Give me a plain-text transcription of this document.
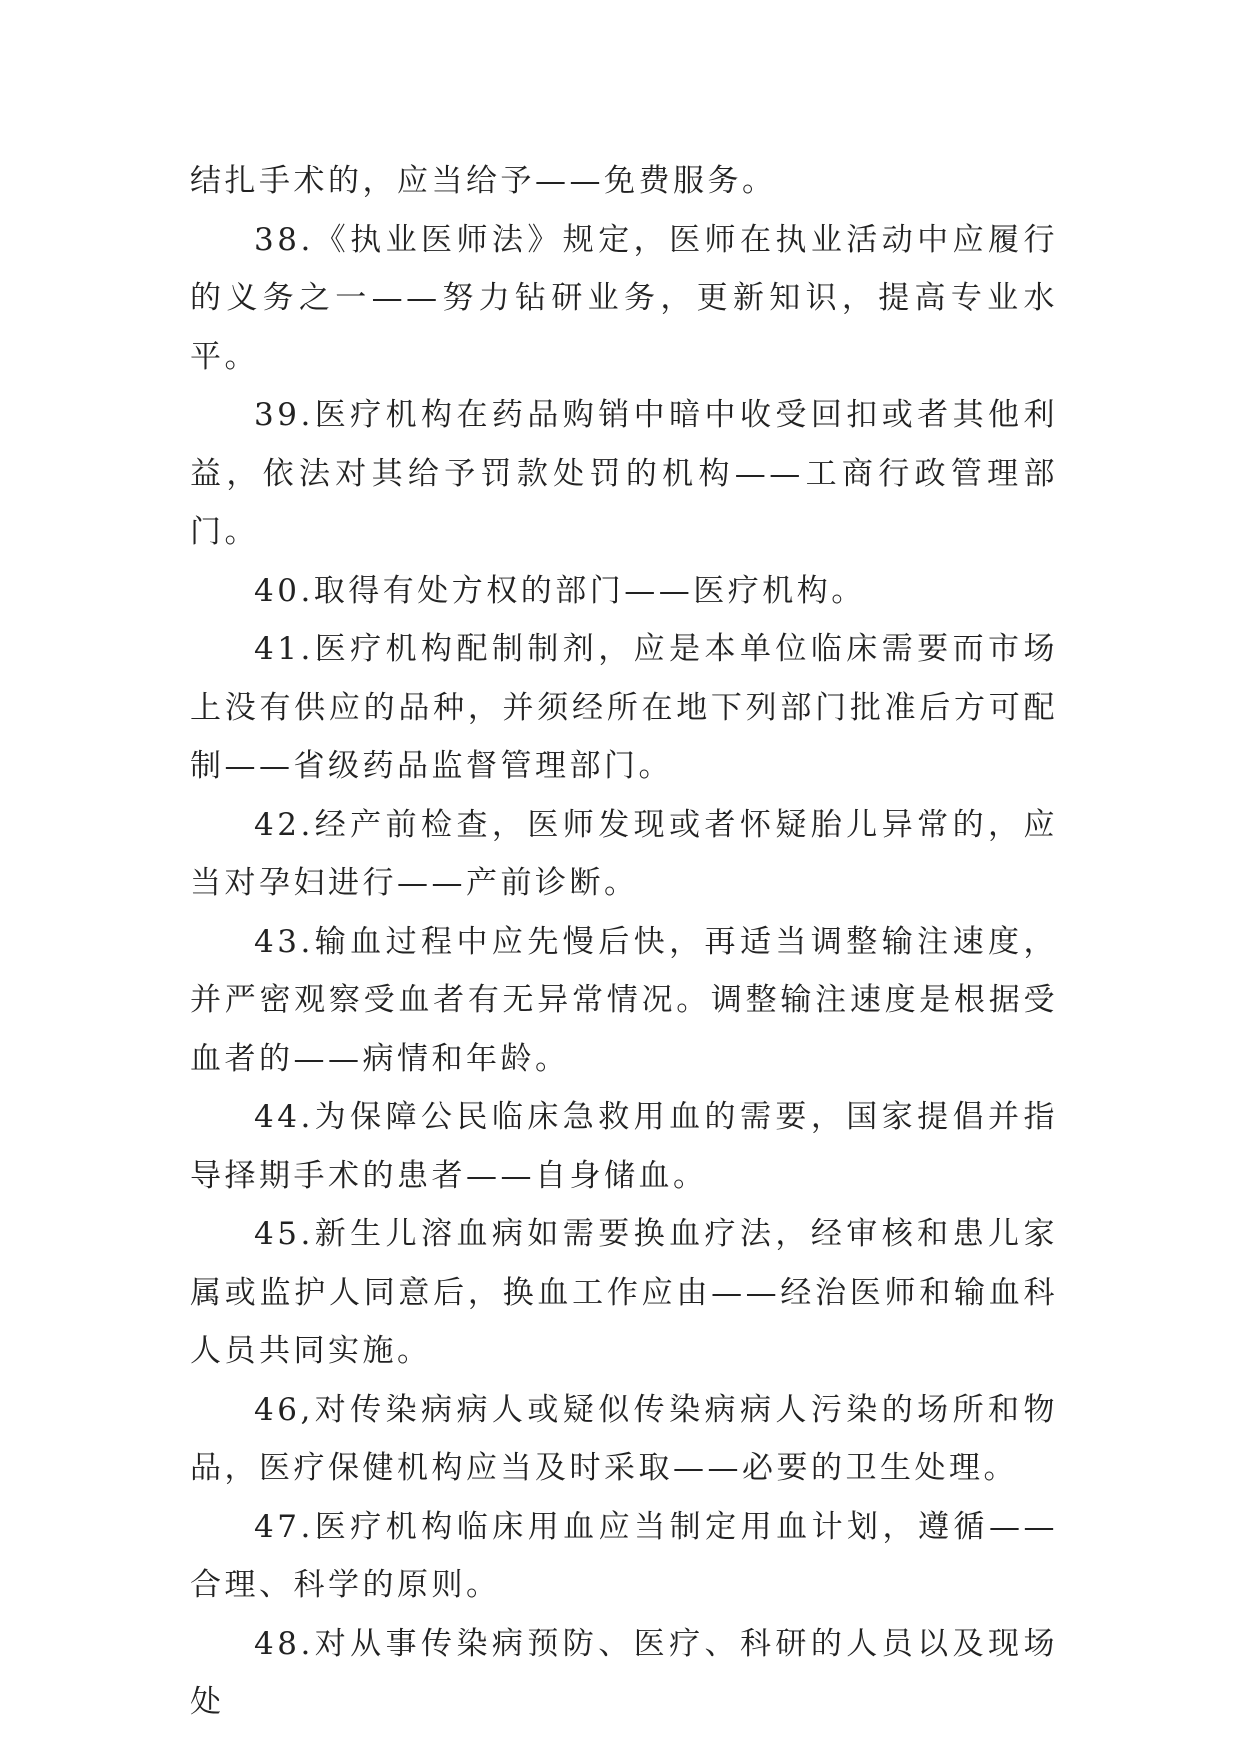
结扎手术的，应当给予——免费服务。

38.《执业医师法》规定，医师在执业活动中应履行的义务之一——努力钻研业务，更新知识，提高专业水平。

39.医疗机构在药品购销中暗中收受回扣或者其他利益，依法对其给予罚款处罚的机构——工商行政管理部门。

40.取得有处方权的部门——医疗机构。

41.医疗机构配制制剂，应是本单位临床需要而市场上没有供应的品种，并须经所在地下列部门批准后方可配制——省级药品监督管理部门。

42.经产前检查，医师发现或者怀疑胎儿异常的，应当对孕妇进行——产前诊断。

43.输血过程中应先慢后快，再适当调整输注速度，并严密观察受血者有无异常情况。调整输注速度是根据受血者的——病情和年龄。

44.为保障公民临床急救用血的需要，国家提倡并指导择期手术的患者——自身储血。

45.新生儿溶血病如需要换血疗法，经审核和患儿家属或监护人同意后，换血工作应由——经治医师和输血科人员共同实施。

46,对传染病病人或疑似传染病病人污染的场所和物品，医疗保健机构应当及时采取——必要的卫生处理。

47.医疗机构临床用血应当制定用血计划，遵循——合理、科学的原则。

48.对从事传染病预防、医疗、科研的人员以及现场处
